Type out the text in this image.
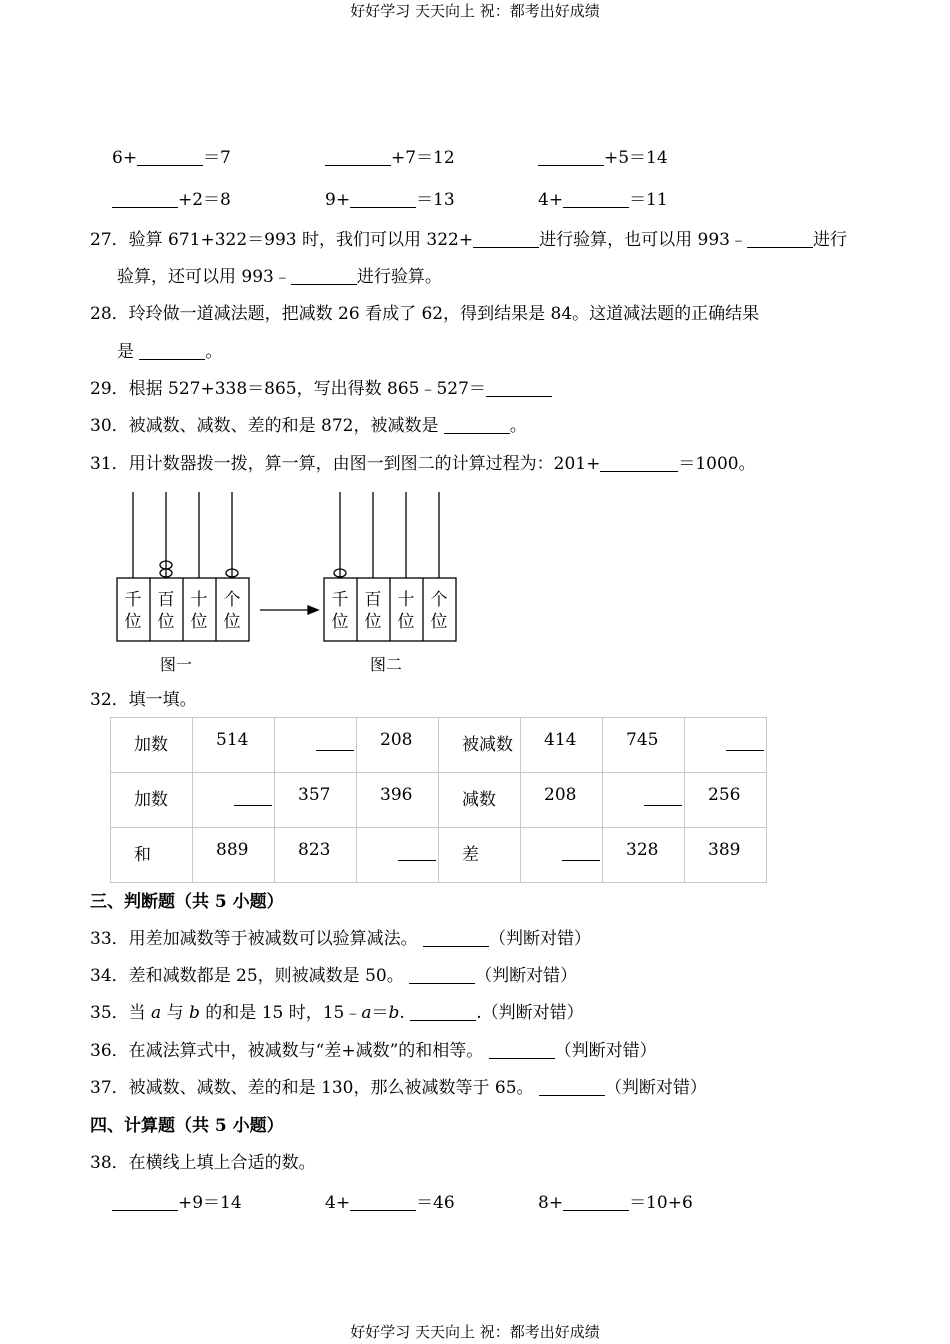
好好学习 天天向上 祝：都考出好成绩
6+	＝7	+7＝12	+5＝14
+2＝8	9+	＝13	4+	＝11
27．验算 671+322＝993 时，我们可以用 322+	进行验算，也可以用 993﹣	进行
验算，还可以用 993﹣	进行验算。
28．玲玲做一道减法题，把减数 26 看成了 62，得到结果是 84。这道减法题的正确结果
是	。
29．根据 527+338＝865，写出得数 865﹣527＝
30．被减数、减数、差的和是 872，被减数是	。
31．用计数器拨一拨，算一算，由图一到图二的计算过程为：201+	＝1000。
千
位
百
位
十
位
个
位
千
位
百
位
十
位
个
位
图一	图二
32．填一填。
加数	514		208	被减数	414	745	

加数		357	396	减数	208		256

和	889	823		差		328	389
三、判断题（共 5 小题）
33．用差加减数等于被减数可以验算减法。	（判断对错）
34．差和减数都是 25，则被减数是 50。	（判断对错）
35．当 a 与 b 的和是 15 时，15﹣a＝b.	.（判断对错）
36．在减法算式中，被减数与“差+减数”的和相等。	（判断对错）
37．被减数、减数、差的和是 130，那么被减数等于 65。	（判断对错）
四、计算题（共 5 小题）
38．在横线上填上合适的数。
+9＝14	4+	＝46	8+	＝10+6
好好学习 天天向上 祝：都考出好成绩
